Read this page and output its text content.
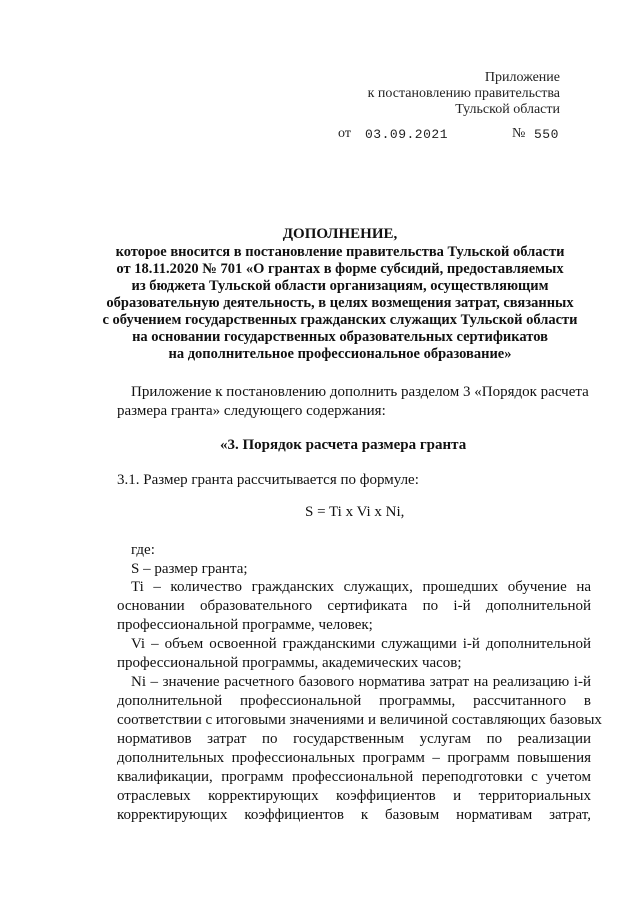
Приложение
к постановлению правительства
Тульской области
от 03.09.2021	№ 550
ДОПОЛНЕНИЕ,
которое вносится в постановление правительства Тульской области
от 18.11.2020 № 701 «О грантах в форме субсидий, предоставляемых
из бюджета Тульской области организациям, осуществляющим
образовательную деятельность, в целях возмещения затрат, связанных
с обучением государственных гражданских служащих Тульской области
на основании государственных образовательных сертификатов
на дополнительное профессиональное образование»
Приложение к постановлению дополнить разделом 3 «Порядок расчета
размера гранта» следующего содержания:
«3. Порядок расчета размера гранта
3.1. Размер гранта рассчитывается по формуле:
S = Ti x Vi x Ni,
где:
S – размер гранта;
Ti – количество гражданских служащих, прошедших обучение на
основании образовательного сертификата по i-й дополнительной
профессиональной программе, человек;
Vi – объем освоенной гражданскими служащими i-й дополнительной
профессиональной программы, академических часов;
Ni – значение расчетного базового норматива затрат на реализацию i-й
дополнительной профессиональной программы, рассчитанного в
соответствии с итоговыми значениями и величиной составляющих базовых
нормативов затрат по государственным услугам по реализации
дополнительных профессиональных программ – программ повышения
квалификации, программ профессиональной переподготовки с учетом
отраслевых корректирующих коэффициентов и территориальных
корректирующих коэффициентов к базовым нормативам затрат,
